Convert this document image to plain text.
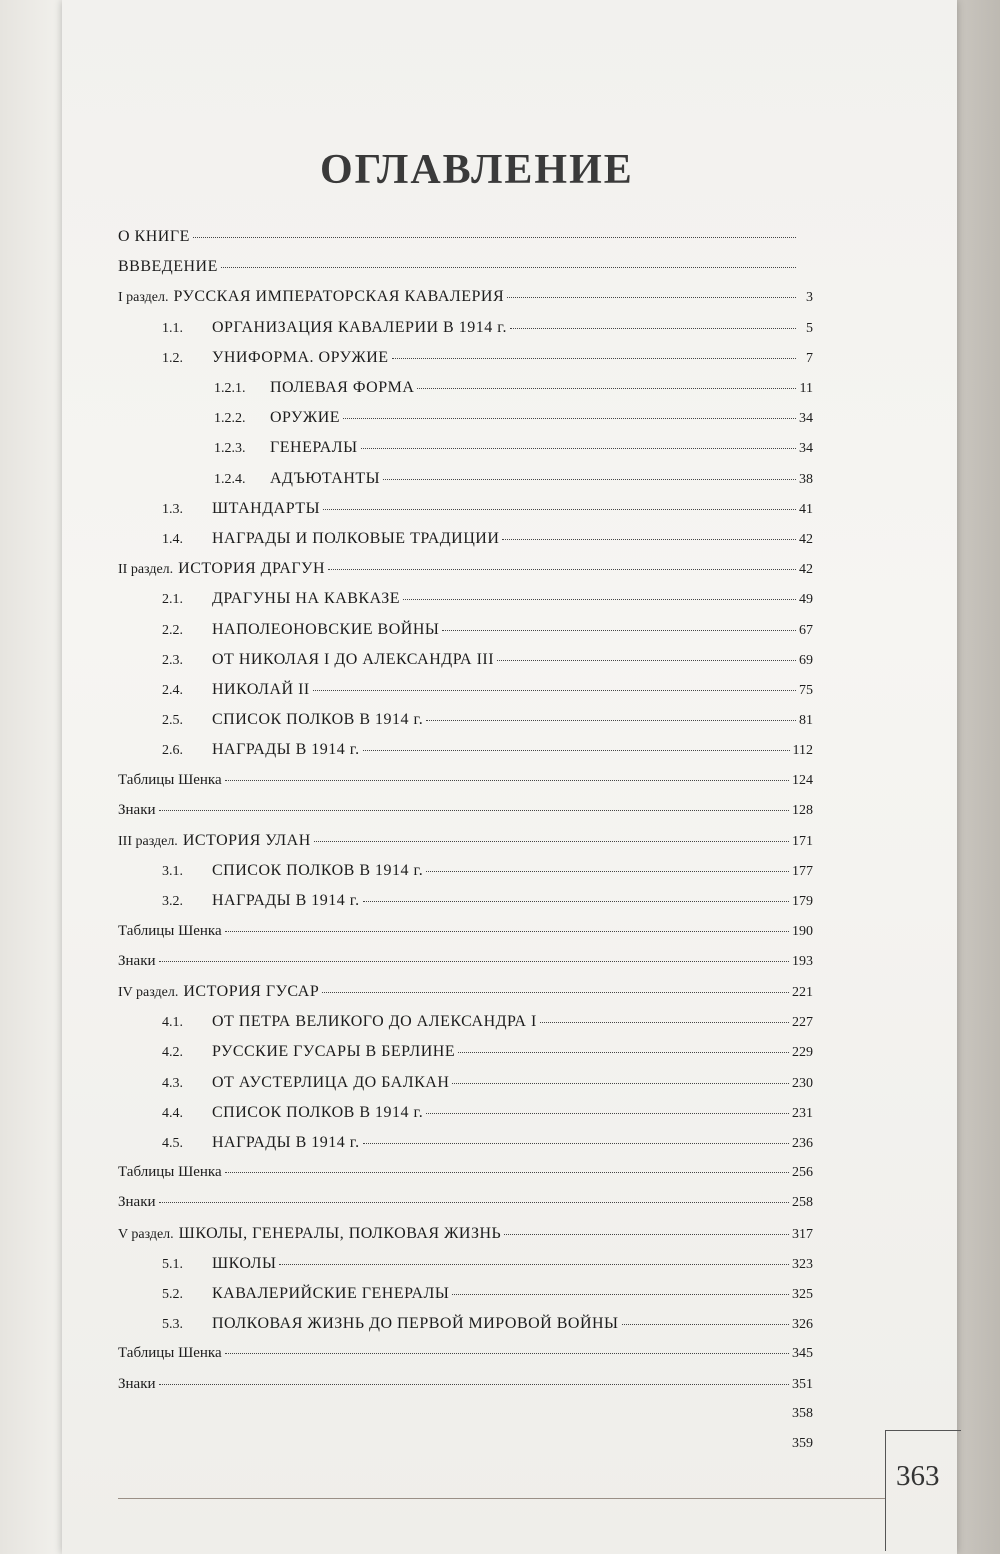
ОГЛАВЛЕНИЕ
О КНИГЕ
ВВВЕДЕНИЕ
I раздел. РУССКАЯ ИМПЕРАТОРСКАЯ КАВАЛЕРИЯ	3
1.1.	ОРГАНИЗАЦИЯ КАВАЛЕРИИ В 1914 г.	5
1.2.	УНИФОРМА. ОРУЖИЕ	7
1.2.1.	ПОЛЕВАЯ ФОРМА	11
1.2.2.	ОРУЖИЕ	34
1.2.3.	ГЕНЕРАЛЫ	34
1.2.4.	АДЪЮТАНТЫ	38
1.3.	ШТАНДАРТЫ	41
1.4.	НАГРАДЫ И ПОЛКОВЫЕ ТРАДИЦИИ	42
II раздел. ИСТОРИЯ ДРАГУН	42
2.1.	ДРАГУНЫ НА КАВКАЗЕ	49
2.2.	НАПОЛЕОНОВСКИЕ ВОЙНЫ	67
2.3.	ОТ НИКОЛАЯ I ДО АЛЕКСАНДРА III	69
2.4.	НИКОЛАЙ II	75
2.5.	СПИСОК ПОЛКОВ В 1914 г.	81
2.6.	НАГРАДЫ В 1914 г.	112
Таблицы Шенка	124
Знаки	128
III раздел. ИСТОРИЯ УЛАН	171
3.1.	СПИСОК ПОЛКОВ В 1914 г.	177
3.2.	НАГРАДЫ В 1914 г.	179
Таблицы Шенка	190
Знаки	193
IV раздел. ИСТОРИЯ ГУСАР	221
4.1.	ОТ ПЕТРА ВЕЛИКОГО ДО АЛЕКСАНДРА I	227
4.2.	РУССКИЕ ГУСАРЫ В БЕРЛИНЕ	229
4.3.	ОТ АУСТЕРЛИЦА ДО БАЛКАН	230
4.4.	СПИСОК ПОЛКОВ В 1914 г.	231
4.5.	НАГРАДЫ В 1914 г.	236
Таблицы Шенка	256
Знаки	258
V раздел. ШКОЛЫ, ГЕНЕРАЛЫ, ПОЛКОВАЯ ЖИЗНЬ	317
5.1.	ШКОЛЫ	323
5.2.	КАВАЛЕРИЙСКИЕ ГЕНЕРАЛЫ	325
5.3.	ПОЛКОВАЯ ЖИЗНЬ ДО ПЕРВОЙ МИРОВОЙ ВОЙНЫ	326
Таблицы Шенка	345
Знаки	351
358
359
363
